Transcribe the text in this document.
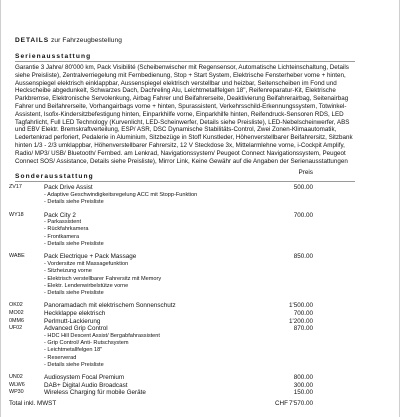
DETAILS zur Fahrzeugbestellung
Serienausstattung
Garantie 3 Jahre/ 80'000 km, Pack Visibilité (Scheibenwischer mit Regensensor, Automatische Lichteinschaltung, Details siehe Preisliste), Zentralverriegelung mit Fernbedienung, Stop + Start System, Elektrische Fensterheber vorne + hinten, Aussenspiegel elektrisch einklappbar, Aussenspiegel elektrisch verstellbar und heizbar, Seitenscheiben im Fond und Heckscheibe abgedunkelt, Schwarzes Dach, Dachreling Alu, Leichtmetallfelgen 18", Reifenreparatur-Kit, Elektrische Parkbremse, Elektronische Servolenkung, Airbag Fahrer und Beifahrerseite, Deaktivierung Beifahrerairbag, Seitenairbag Fahrer und Beifahrerseite, Vorhangairbags vorne + hinten, Spurassistent, Verkehrsschild-Erkennungssystem, Totwinkel-Assistent, Isofix-Kindersitzbefestigung hinten, Einparkhilfe vorne, Einparkhilfe hinten, Reifendruck-Sensoren RDS, LED Tagfahrlicht, Full LED Technology (Kurvenlicht, LED-Scheinwerfer, Details siehe Preisliste), LED-Nebelscheinwerfer, ABS und EBV Elektr. Bremskraftverteilung, ESP/ ASR, DSC Dynamische Stabilitäts-Control, Zwei Zonen-Klimaautomatik, Ledertenkrad perforiert, Pedalerie in Aluminium, Sitzbezüge in Stoff Kunstleder, Höhenverstellbarer Beifahrersitz, Sitzbank hinten 1/3 - 2/3 umklappbar, Höhenverstellbarer Fahrersitz, 12 V Steckdose 3x, Mittelarmlehne vorne, i-Cockpit Amplify, Radio/ MP3/ USB/ Bluetooth/ Fernbed. am Lenkrad, Navigationssystem/ Peugeot Connect Navigationssystem, Peugeot Connect SOS/ Assistance, Details siehe Preisliste), Mirror Link, Keine Gewähr auf die Angaben der Serienausstattungen
Preis
Sonderausstattung
ZV17	Pack Drive Assist	500.00
- Adaptive Geschwindigkeitsregelung ACC mit Stopp-Funktion
- Details siehe Preisliste
WY18	Pack City 2	700.00
- Parkassistent
- Rückfahrkamera
- Frontkamera
- Details siehe Preisliste
WABE	Pack Electrique + Pack Massage	850.00
- Vordersitze mit Massagefunktion
- Sitzheizung vorne
- Elektrisch verstellbarer Fahrersitz mit Memory
- Elektr. Lendenwirbelstütze vorne
- Details siehe Preisliste
OK02	Panoramadach mit elektrischem Sonnenschutz	1'500.00
MO02	Heckklappe elektrisch	700.00
0MM6	Perlmutt-Lackierung	1'200.00
UF02	Advanced Grip Control	870.00
- HDC Hill Descent Assist/ Bergabfahrassistent
- Grip Control/ Anti- Rutschsystem
- Leichtmetallfelgen 18"
- Reserverad
- Details siehe Preisliste
UN02	Audiosystem Focal Premium	800.00
WLW6	DAB+ Digital Audio Broadcast	300.00
WP30	Wireless Charging für mobile Geräte	150.00
Total inkl. MWST	CHF 7'570.00
